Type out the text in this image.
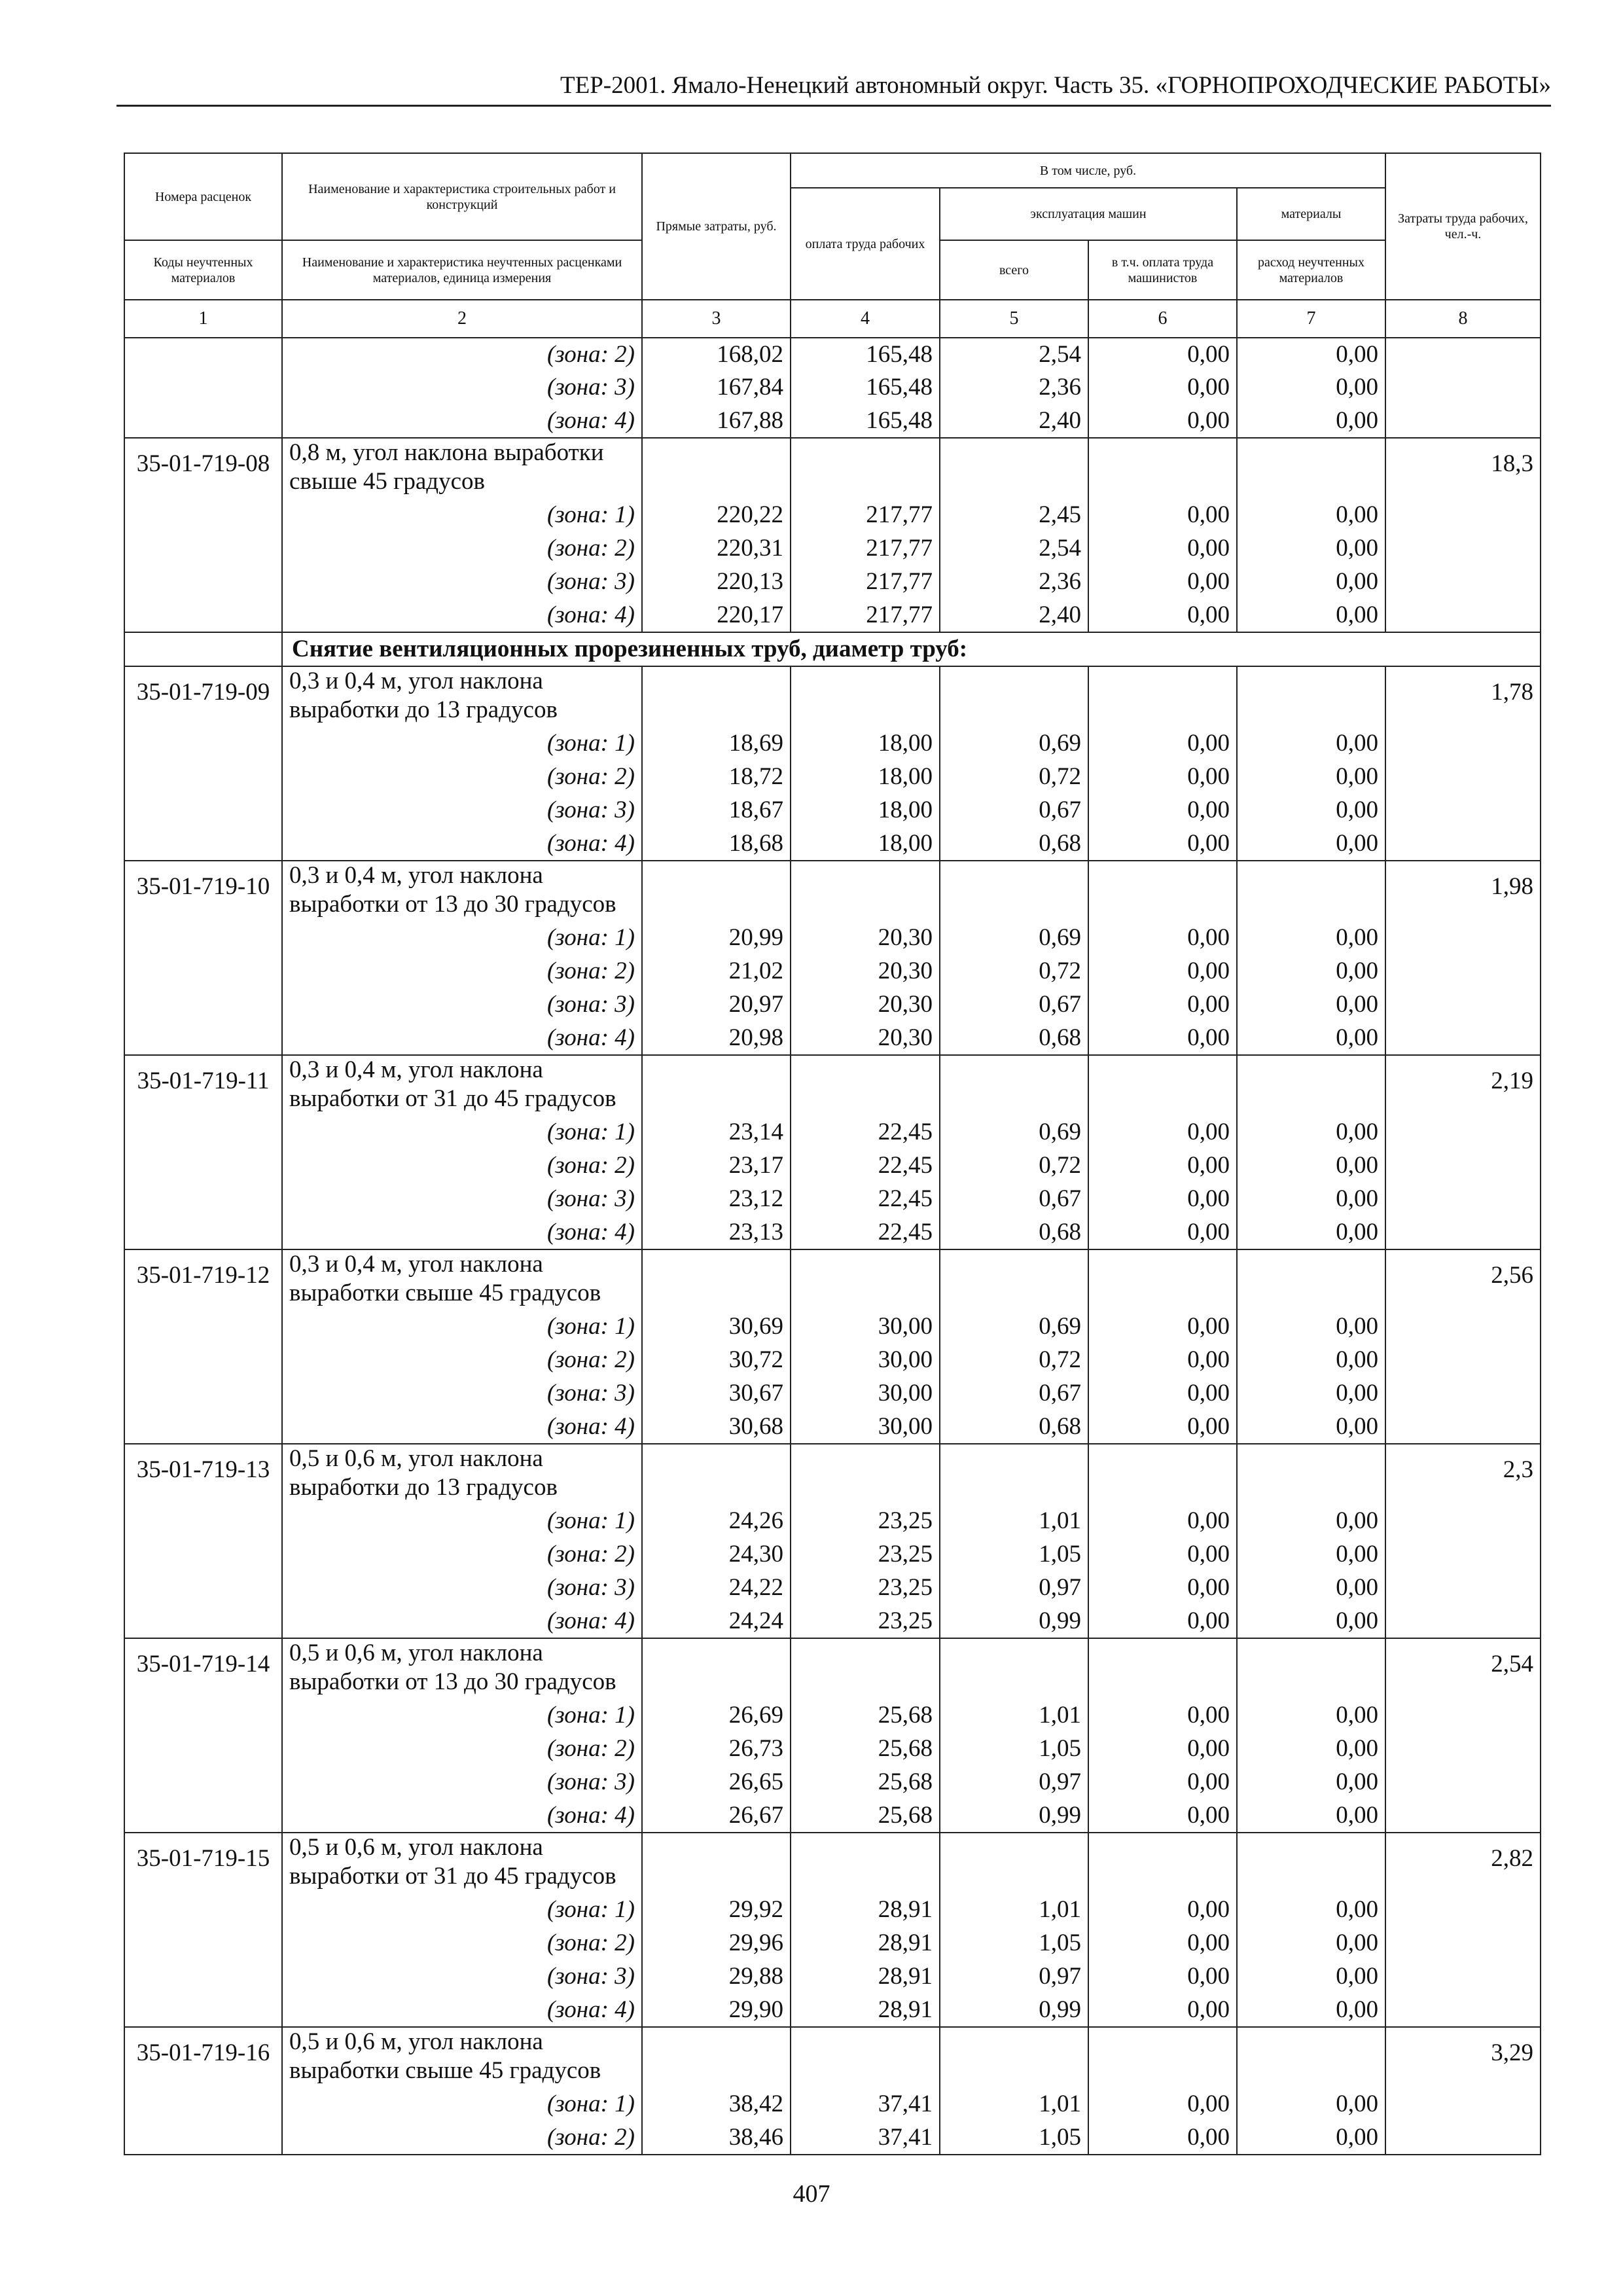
ТЕР-2001. Ямало-Ненецкий автономный округ. Часть 35. «ГОРНОПРОХОДЧЕСКИЕ РАБОТЫ»
Номера расценок	Наименование и характеристика строительных работ и конструкций	Прямые затраты, руб.	В том числе, руб.				Затраты труда рабочих, чел.-ч.
			оплата труда рабочих	эксплуатация машин		материалы	
Коды неучтенных материалов	Наименование и характеристика неучтенных расценками материалов, единица измерения			всего	в т.ч. оплата труда машинистов	расход неучтенных материалов	
1	2	3	4	5	6	7	8
	(зона: 2)	168,02	165,48	2,54	0,00	0,00	
	(зона: 3)	167,84	165,48	2,36	0,00	0,00	
	(зона: 4)	167,88	165,48	2,40	0,00	0,00	
35-01-719-08	0,8 м, угол наклона выработки свыше 45 градусов						18,3
	(зона: 1)	220,22	217,77	2,45	0,00	0,00	
	(зона: 2)	220,31	217,77	2,54	0,00	0,00	
	(зона: 3)	220,13	217,77	2,36	0,00	0,00	
	(зона: 4)	220,17	217,77	2,40	0,00	0,00	
	Снятие вентиляционных прорезиненных труб, диаметр труб:						
35-01-719-09	0,3 и 0,4 м, угол наклона выработки до 13 градусов						1,78
	(зона: 1)	18,69	18,00	0,69	0,00	0,00	
	(зона: 2)	18,72	18,00	0,72	0,00	0,00	
	(зона: 3)	18,67	18,00	0,67	0,00	0,00	
	(зона: 4)	18,68	18,00	0,68	0,00	0,00	
35-01-719-10	0,3 и 0,4 м, угол наклона выработки от 13 до 30 градусов						1,98
	(зона: 1)	20,99	20,30	0,69	0,00	0,00	
	(зона: 2)	21,02	20,30	0,72	0,00	0,00	
	(зона: 3)	20,97	20,30	0,67	0,00	0,00	
	(зона: 4)	20,98	20,30	0,68	0,00	0,00	
35-01-719-11	0,3 и 0,4 м, угол наклона выработки от 31 до 45 градусов						2,19
	(зона: 1)	23,14	22,45	0,69	0,00	0,00	
	(зона: 2)	23,17	22,45	0,72	0,00	0,00	
	(зона: 3)	23,12	22,45	0,67	0,00	0,00	
	(зона: 4)	23,13	22,45	0,68	0,00	0,00	
35-01-719-12	0,3 и 0,4 м, угол наклона выработки свыше 45 градусов						2,56
	(зона: 1)	30,69	30,00	0,69	0,00	0,00	
	(зона: 2)	30,72	30,00	0,72	0,00	0,00	
	(зона: 3)	30,67	30,00	0,67	0,00	0,00	
	(зона: 4)	30,68	30,00	0,68	0,00	0,00	
35-01-719-13	0,5 и 0,6 м, угол наклона выработки до 13 градусов						2,3
	(зона: 1)	24,26	23,25	1,01	0,00	0,00	
	(зона: 2)	24,30	23,25	1,05	0,00	0,00	
	(зона: 3)	24,22	23,25	0,97	0,00	0,00	
	(зона: 4)	24,24	23,25	0,99	0,00	0,00	
35-01-719-14	0,5 и 0,6 м, угол наклона выработки от 13 до 30 градусов						2,54
	(зона: 1)	26,69	25,68	1,01	0,00	0,00	
	(зона: 2)	26,73	25,68	1,05	0,00	0,00	
	(зона: 3)	26,65	25,68	0,97	0,00	0,00	
	(зона: 4)	26,67	25,68	0,99	0,00	0,00	
35-01-719-15	0,5 и 0,6 м, угол наклона выработки от 31 до 45 градусов						2,82
	(зона: 1)	29,92	28,91	1,01	0,00	0,00	
	(зона: 2)	29,96	28,91	1,05	0,00	0,00	
	(зона: 3)	29,88	28,91	0,97	0,00	0,00	
	(зона: 4)	29,90	28,91	0,99	0,00	0,00	
35-01-719-16	0,5 и 0,6 м, угол наклона выработки свыше 45 градусов						3,29
	(зона: 1)	38,42	37,41	1,01	0,00	0,00	
	(зона: 2)	38,46	37,41	1,05	0,00	0,00	
407
